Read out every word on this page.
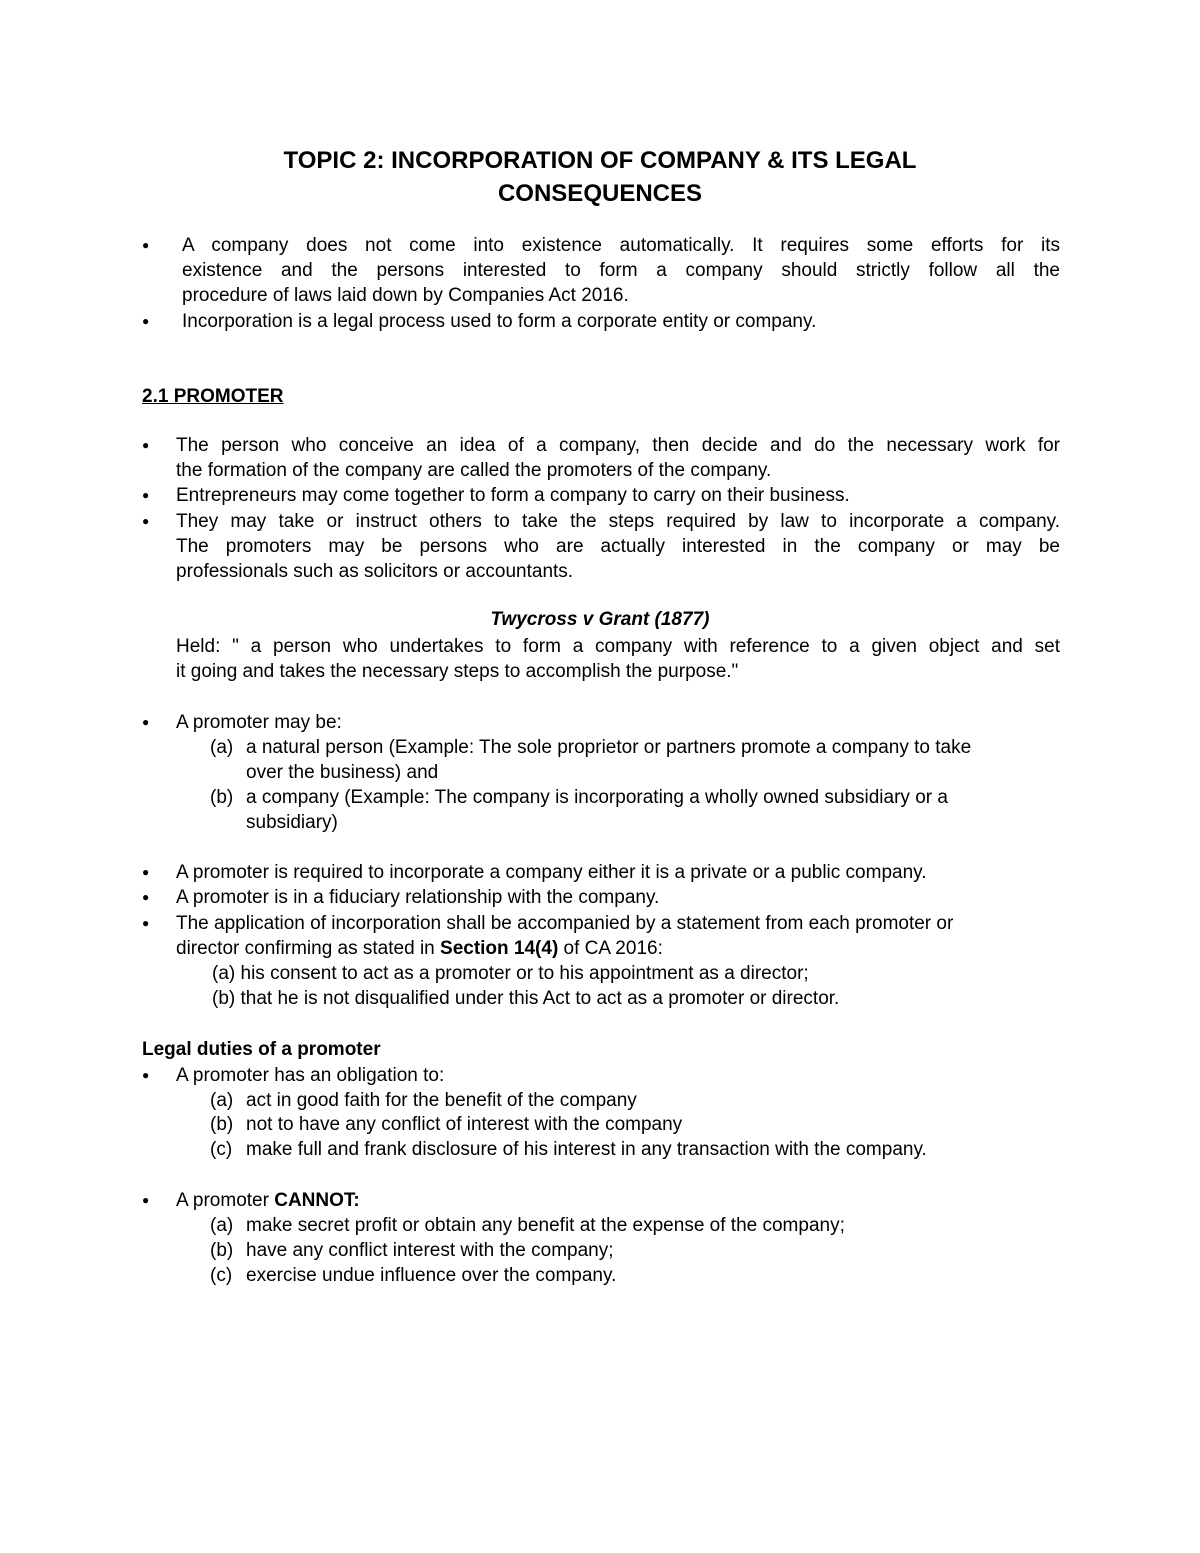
TOPIC 2: INCORPORATION OF COMPANY & ITS LEGAL
CONSEQUENCES
● A company does not come into existence automatically. It requires some efforts for its
existence and the persons interested to form a company should strictly follow all the
procedure of laws laid down by Companies Act 2016.
● Incorporation is a legal process used to form a corporate entity or company.
2.1 PROMOTER
● The person who conceive an idea of a company, then decide and do the necessary work for
the formation of the company are called the promoters of the company.
● Entrepreneurs may come together to form a company to carry on their business.
● They may take or instruct others to take the steps required by law to incorporate a company.
The promoters may be persons who are actually interested in the company or may be
professionals such as solicitors or accountants.
Twycross v Grant (1877)
Held: " a person who undertakes to form a company with reference to a given object and set
it going and takes the necessary steps to accomplish the purpose."
● A promoter may be:
(a) a natural person (Example: The sole proprietor or partners promote a company to take
over the business) and
(b) a company (Example: The company is incorporating a wholly owned subsidiary or a
subsidiary)
● A promoter is required to incorporate a company either it is a private or a public company.
● A promoter is in a fiduciary relationship with the company.
● The application of incorporation shall be accompanied by a statement from each promoter or
director confirming as stated in Section 14(4) of CA 2016:
(a) his consent to act as a promoter or to his appointment as a director;
(b) that he is not disqualified under this Act to act as a promoter or director.
Legal duties of a promoter
● A promoter has an obligation to:
(a) act in good faith for the benefit of the company
(b) not to have any conflict of interest with the company
(c) make full and frank disclosure of his interest in any transaction with the company.
● A promoter CANNOT:
(a) make secret profit or obtain any benefit at the expense of the company;
(b) have any conflict interest with the company;
(c) exercise undue influence over the company.
